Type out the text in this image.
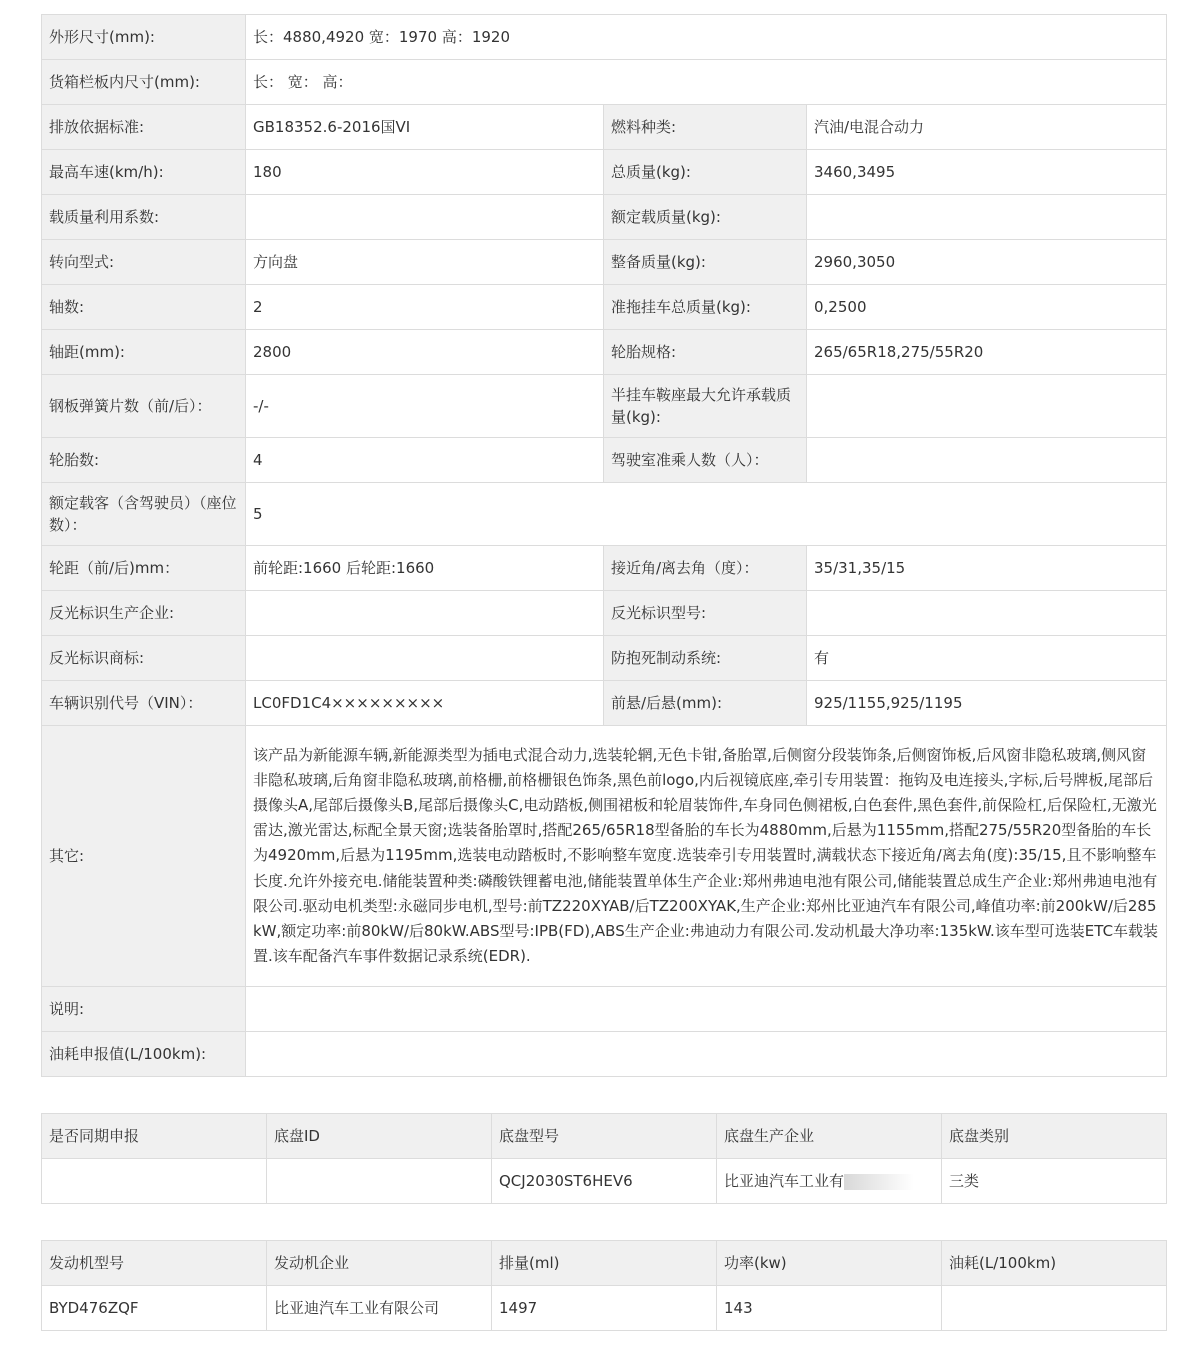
外形尺寸(mm):	长：4880,4920 宽：1970 高：1920		
货箱栏板内尺寸(mm):	长： 宽： 高：		
排放依据标准:	GB18352.6-2016国VI	燃料种类:	汽油/电混合动力
最高车速(km/h):	180	总质量(kg):	3460,3495
载质量利用系数:		额定载质量(kg):	
转向型式:	方向盘	整备质量(kg):	2960,3050
轴数:	2	准拖挂车总质量(kg):	0,2500
轴距(mm):	2800	轮胎规格:	265/65R18,275/55R20
钢板弹簧片数（前/后）：	-/-	半挂车鞍座最大允许承载质量(kg):	
轮胎数:	4	驾驶室准乘人数（人）：	
额定载客（含驾驶员）（座位数）：	5		
轮距（前/后)mm：	前轮距:1660 后轮距:1660	接近角/离去角（度）：	35/31,35/15
反光标识生产企业:		反光标识型号:	
反光标识商标:		防抱死制动系统:	有
车辆识别代号（VIN）：	LC0FD1C4×××××××××	前悬/后悬(mm):	925/1155,925/1195
其它:	该产品为新能源车辆,新能源类型为插电式混合动力,选装轮辋,无色卡钳,备胎罩,后侧窗分段装饰条,后侧窗饰板,后风窗非隐私玻璃,侧风窗非隐私玻璃,后角窗非隐私玻璃,前格栅,前格栅银色饰条,黑色前logo,内后视镜底座,牵引专用装置：拖钩及电连接头,字标,后号牌板,尾部后摄像头A,尾部后摄像头B,尾部后摄像头C,电动踏板,侧围裙板和轮眉装饰件,车身同色侧裙板,白色套件,黑色套件,前保险杠,后保险杠,无激光雷达,激光雷达,标配全景天窗;选装备胎罩时,搭配265/65R18型备胎的车长为4880mm,后悬为1155mm,搭配275/55R20型备胎的车长为4920mm,后悬为1195mm,选装电动踏板时,不影响整车宽度.选装牵引专用装置时,满载状态下接近角/离去角(度):35/15,且不影响整车长度.允许外接充电.储能装置种类:磷酸铁锂蓄电池,储能装置单体生产企业:郑州弗迪电池有限公司,储能装置总成生产企业:郑州弗迪电池有限公司.驱动电机类型:永磁同步电机,型号:前TZ220XYAB/后TZ200XYAK,生产企业:郑州比亚迪汽车有限公司,峰值功率:前200kW/后285kW,额定功率:前80kW/后80kW.ABS型号:IPB(FD),ABS生产企业:弗迪动力有限公司.发动机最大净功率:135kW.该车型可选装ETC车载装置.该车配备汽车事件数据记录系统(EDR).		
说明:			
油耗申报值(L/100km):			
是否同期申报	底盘ID	底盘型号	底盘生产企业	底盘类别
		QCJ2030ST6HEV6	比亚迪汽车工业有	三类
发动机型号	发动机企业	排量(ml)	功率(kw)	油耗(L/100km)
BYD476ZQF	比亚迪汽车工业有限公司	1497	143	
